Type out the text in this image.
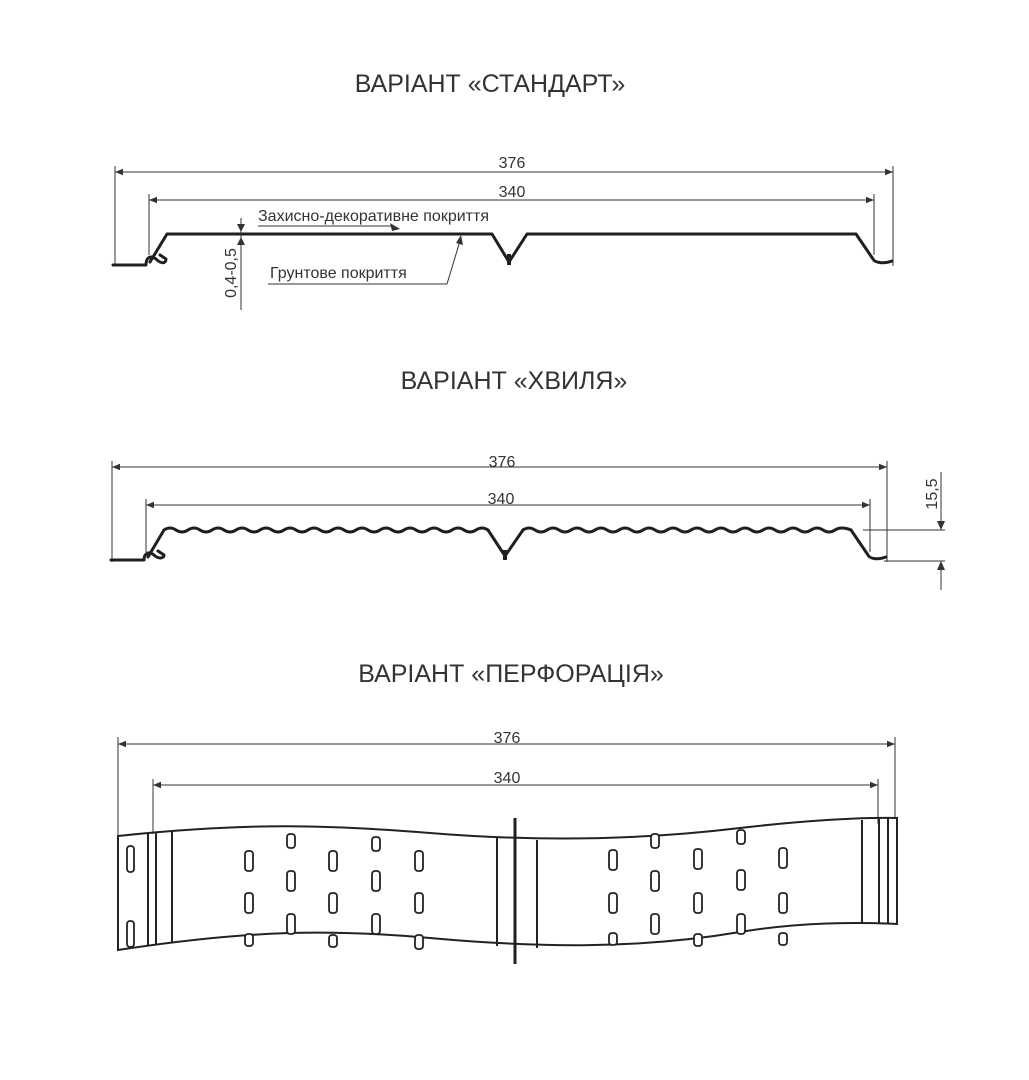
ВАРІАНТ «СТАНДАРТ»
376
340
0,4-0,5
Захисно-декоративне покриття
Грунтове покриття
ВАРІАНТ «ХВИЛЯ»
376
340	15,5
ВАРІАНТ «ПЕРФОРАЦІЯ»
376
340
